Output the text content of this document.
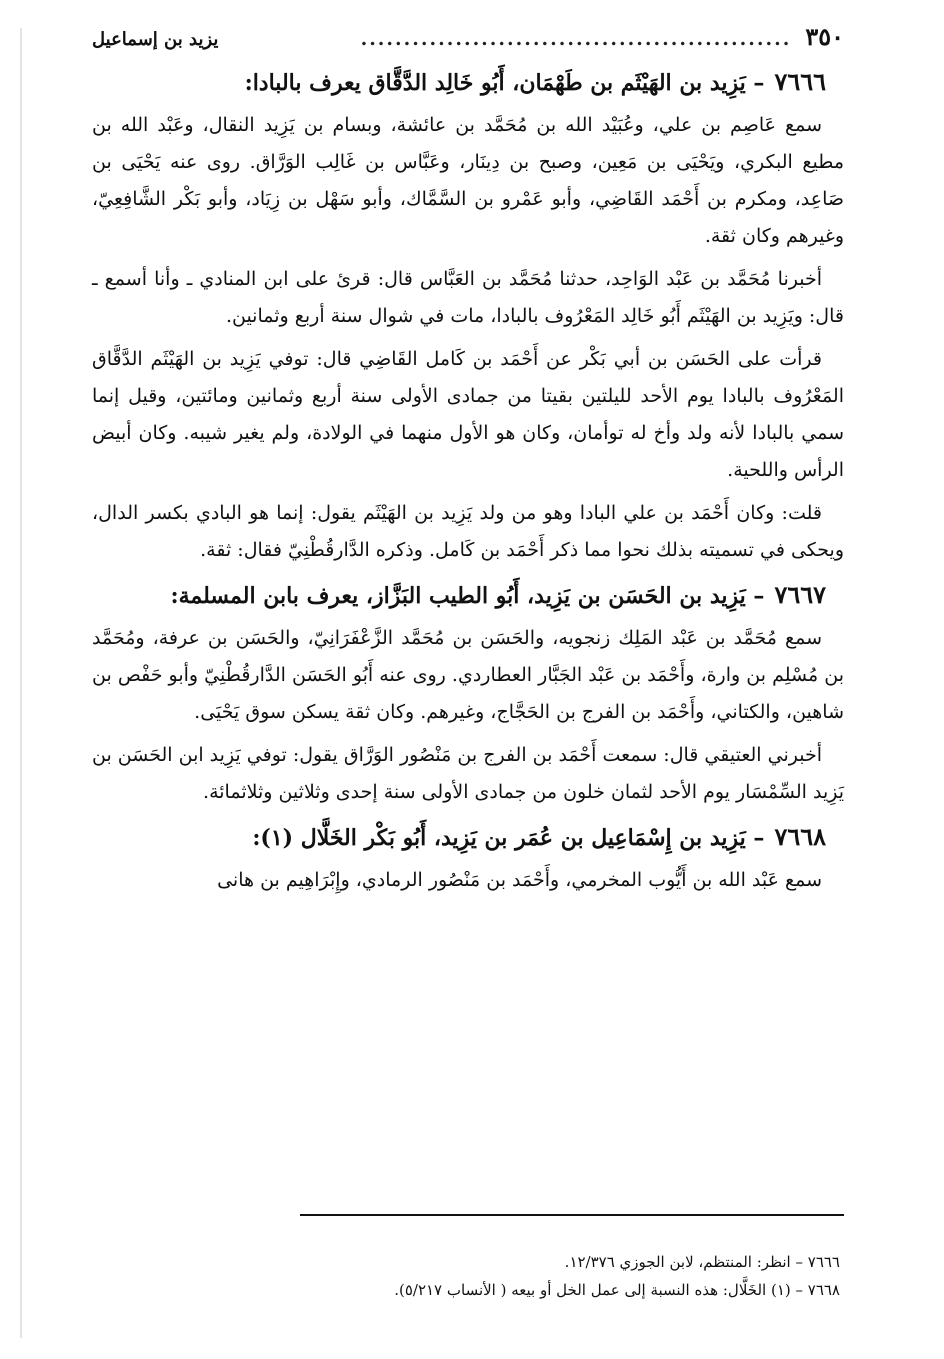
٣٥٠
..................................................
يزيد بن إسماعيل
٧٦٦٦– يَزِيد بن الهَيْثَم بن طَهْمَان، أَبُو خَالِد الدَّقَّاق يعرف بالبادا:

سمع عَاصِم بن علي، وعُبَيْد الله بن مُحَمَّد بن عائشة، وبسام بن يَزِيد النقال، وعَبْد الله بن مطيع البكري، ويَحْيَى بن مَعِين، وصبح بن دِينَار، وعَبَّاس بن غَالِب الوَرَّاق. روى عنه يَحْيَى بن صَاعِد، ومكرم بن أَحْمَد القَاضِي، وأبو عَمْرو بن السَّمَّاك، وأبو سَهْل بن زِيَاد، وأبو بَكْر الشَّافِعِيّ، وغيرهم وكان ثقة.

أخبرنا مُحَمَّد بن عَبْد الوَاحِد، حدثنا مُحَمَّد بن العَبَّاس قال: قرئ على ابن المنادي ـ وأنا أسمع ـ قال: ويَزِيد بن الهَيْثَم أَبُو خَالِد المَعْرُوف بالبادا، مات في شوال سنة أربع وثمانين.

قرأت على الحَسَن بن أبي بَكْر عن أَحْمَد بن كَامل القَاضِي قال: توفي يَزِيد بن الهَيْثَم الدَّقَّاق المَعْرُوف بالبادا يوم الأحد لليلتين بقيتا من جمادى الأولى سنة أربع وثمانين ومائتين، وقيل إنما سمي بالبادا لأنه ولد وأخ له توأمان، وكان هو الأول منهما في الولادة، ولم يغير شيبه. وكان أبيض الرأس واللحية.

قلت: وكان أَحْمَد بن علي البادا وهو من ولد يَزِيد بن الهَيْثَم يقول: إنما هو البادي بكسر الدال، ويحكى في تسميته بذلك نحوا مما ذكر أَحْمَد بن كَامل. وذكره الدَّارقُطْنِيّ فقال: ثقة.

٧٦٦٧– يَزِيد بن الحَسَن بن يَزِيد، أَبُو الطيب البَزَّاز، يعرف بابن المسلمة:

سمع مُحَمَّد بن عَبْد المَلِك زنجويه، والحَسَن بن مُحَمَّد الزَّعْفَرَانِيّ، والحَسَن بن عرفة، ومُحَمَّد بن مُسْلِم بن وارة، وأَحْمَد بن عَبْد الجَبَّار العطاردي. روى عنه أَبُو الحَسَن الدَّارقُطْنِيّ وأبو حَفْص بن شاهين، والكتاني، وأَحْمَد بن الفرج بن الحَجَّاج، وغيرهم. وكان ثقة يسكن سوق يَحْيَى.

أخبرني العتيقي قال: سمعت أَحْمَد بن الفرج بن مَنْصُور الوَرَّاق يقول: توفي يَزِيد ابن الحَسَن بن يَزِيد السِّمْسَار يوم الأحد لثمان خلون من جمادى الأولى سنة إحدى وثلاثين وثلاثمائة.

٧٦٦٨– يَزِيد بن إِسْمَاعِيل بن عُمَر بن يَزِيد، أَبُو بَكْر الخَلَّال (١):

سمع عَبْد الله بن أَيُّوب المخرمي، وأَحْمَد بن مَنْصُور الرمادي، وإِبْرَاهِيم بن هانى

٧٦٦٦ – انظر: المنتظم، لابن الجوزي ١٢/٣٧٦.

٧٦٦٨ – (١) الخَلَّال: هذه النسبة إلى عمل الخل أو بيعه ( الأنساب ٥/٢١٧).
